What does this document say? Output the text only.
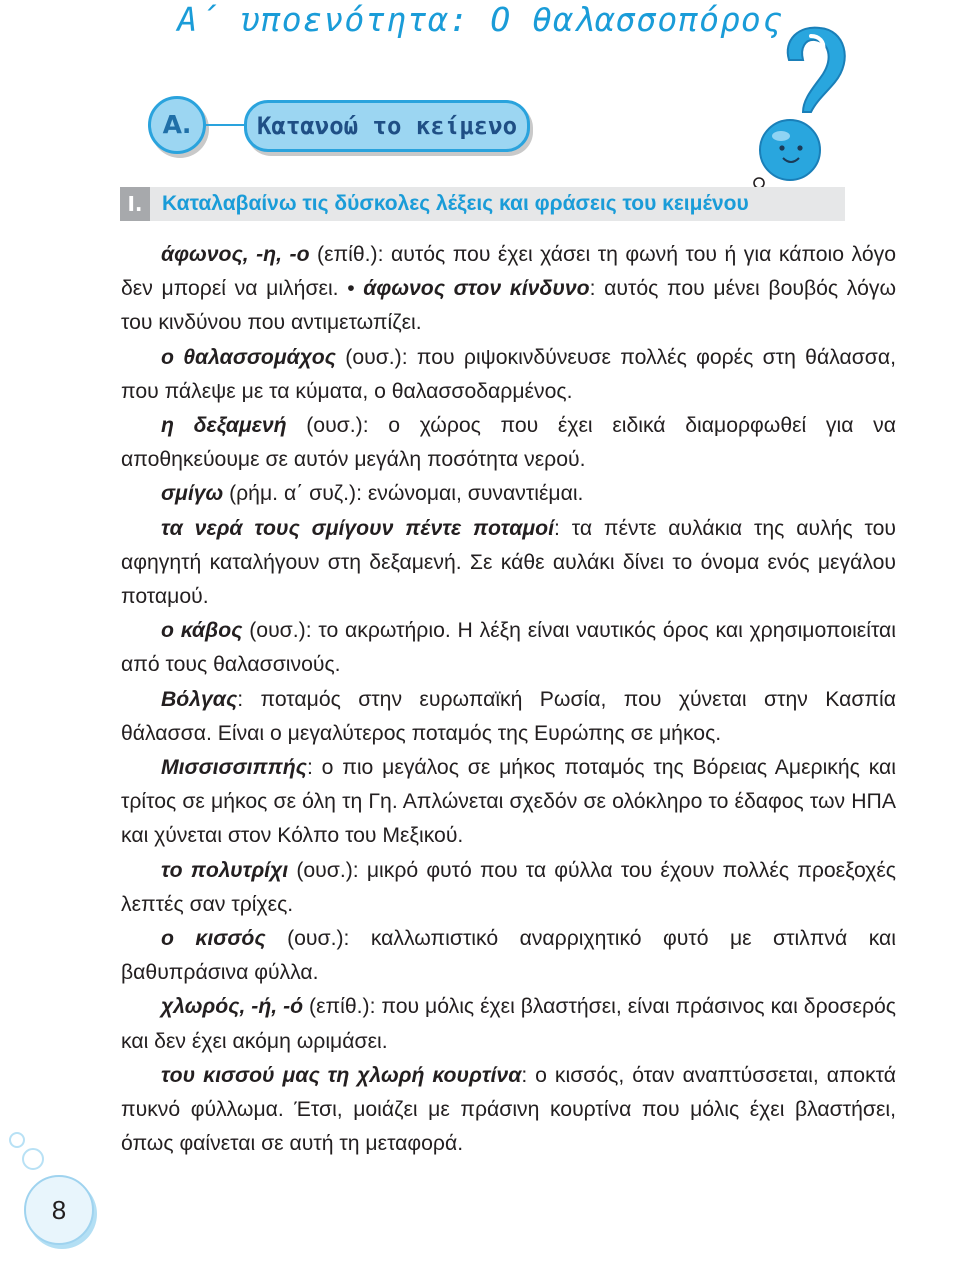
Α΄ υποενότητα: Ο θαλασσοπόρος
Α.	Κατανοώ το κείμενο
Ι. Καταλαβαίνω τις δύσκολες λέξεις και φράσεις του κειμένου

άφωνος, -η, -ο (επίθ.): αυτός που έχει χάσει τη φωνή του ή για κάποιο λόγο δεν μπορεί να μιλήσει. • άφωνος στον κίνδυνο: αυτός που μένει βουβός λόγω του κινδύνου που αντιμετωπίζει.

ο θαλασσομάχος (ουσ.): που ριψοκινδύνευσε πολλές φορές στη θάλασσα, που πάλεψε με τα κύματα, ο θαλασσοδαρμένος.

η δεξαμενή (ουσ.): ο χώρος που έχει ειδικά διαμορφωθεί για να αποθηκεύουμε σε αυτόν μεγάλη ποσότητα νερού.

σμίγω (ρήμ. α΄ συζ.): ενώνομαι, συναντιέμαι.

τα νερά τους σμίγουν πέντε ποταμοί: τα πέντε αυλάκια της αυλής του αφηγητή καταλήγουν στη δεξαμενή. Σε κάθε αυλάκι δίνει το όνομα ενός μεγάλου ποταμού.

ο κάβος (ουσ.): το ακρωτήριο. Η λέξη είναι ναυτικός όρος και χρησιμοποιείται από τους θαλασσινούς.

Βόλγας: ποταμός στην ευρωπαϊκή Ρωσία, που χύνεται στην Κασπία θάλασσα. Είναι ο μεγαλύτερος ποταμός της Ευρώπης σε μήκος.

Μισσισσιππής: ο πιο μεγάλος σε μήκος ποταμός της Βόρειας Αμερικής και τρίτος σε μήκος σε όλη τη Γη. Απλώνεται σχεδόν σε ολόκληρο το έδαφος των ΗΠΑ και χύνεται στον Κόλπο του Μεξικού.

το πολυτρίχι (ουσ.): μικρό φυτό που τα φύλλα του έχουν πολλές προεξοχές λεπτές σαν τρίχες.

ο κισσός (ουσ.): καλλωπιστικό αναρριχητικό φυτό με στιλπνά και βαθυπράσινα φύλλα.

χλωρός, -ή, -ό (επίθ.): που μόλις έχει βλαστήσει, είναι πράσινος και δροσερός και δεν έχει ακόμη ωριμάσει.

του κισσού μας τη χλωρή κουρτίνα: ο κισσός, όταν αναπτύσσεται, αποκτά πυκνό φύλλωμα. Έτσι, μοιάζει με πράσινη κουρτίνα που μόλις έχει βλαστήσει, όπως φαίνεται σε αυτή τη μεταφορά.

8
